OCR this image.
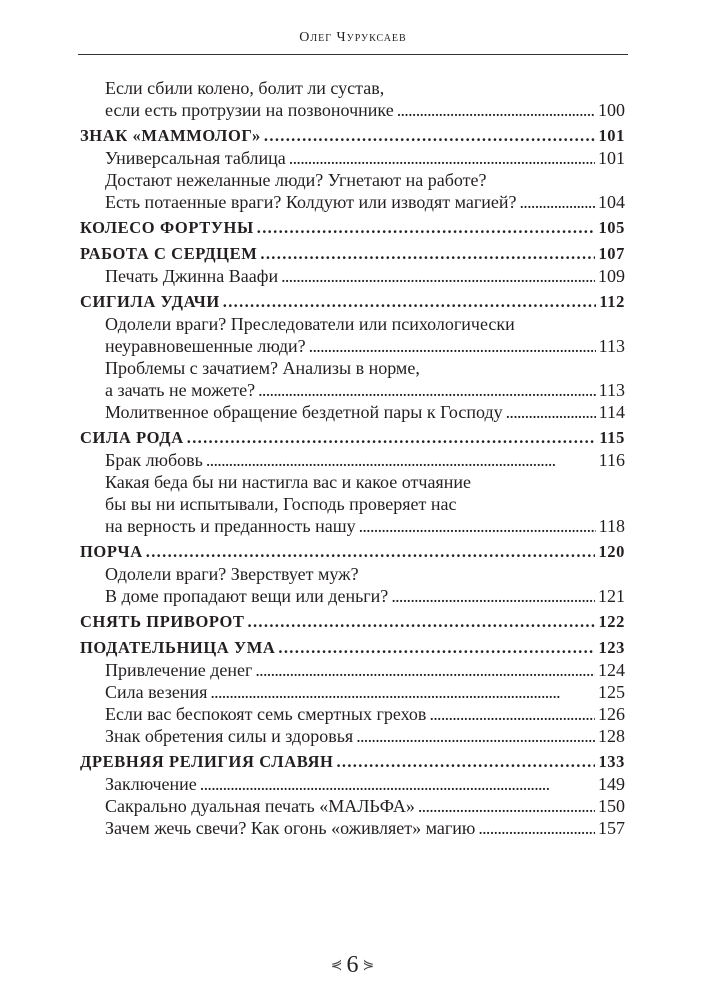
Олег Чуруксаев
Если сбили колено, болит ли сустав,
если есть протрузии на позвоночнике . . .	100
ЗНАК «МАММОЛОГ» . . .	101
Универсальная таблица . . .	101
Достают нежеланные люди? Угнетают на работе?
Есть потаенные враги? Колдуют или изводят магией? . . .	104
КОЛЕСО ФОРТУНЫ . . .	105
РАБОТА С СЕРДЦЕМ . . .	107
Печать Джинна Ваафи . . .	109
СИГИЛА УДАЧИ . . .	112
Одолели враги? Преследователи или психологически
неуравновешенные люди? . . .	113
Проблемы с зачатием? Анализы в норме,
а зачать не можете? . . .	113
Молитвенное обращение бездетной пары к Господу . . .	114
СИЛА РОДА . . .	115
Брак любовь . . .	116
Какая беда бы ни настигла вас и какое отчаяние
бы вы ни испытывали, Господь проверяет нас
на верность и преданность нашу . . .	118
ПОРЧА . . .	120
Одолели враги? Зверствует муж?
В доме пропадают вещи или деньги? . . .	121
СНЯТЬ ПРИВОРОТ . . .	122
ПОДАТЕЛЬНИЦА УМА . . .	123
Привлечение денег . . .	124
Сила везения . . .	125
Если вас беспокоят семь смертных грехов . . .	126
Знак обретения силы и здоровья . . .	128
ДРЕВНЯЯ РЕЛИГИЯ СЛАВЯН . . .	133
Заключение . . .	149
Сакрально дуальная печать «МАЛЬФА» . . .	150
Зачем жечь свечи? Как огонь «оживляет» магию . . .	157
⋞ 6 ⋟
